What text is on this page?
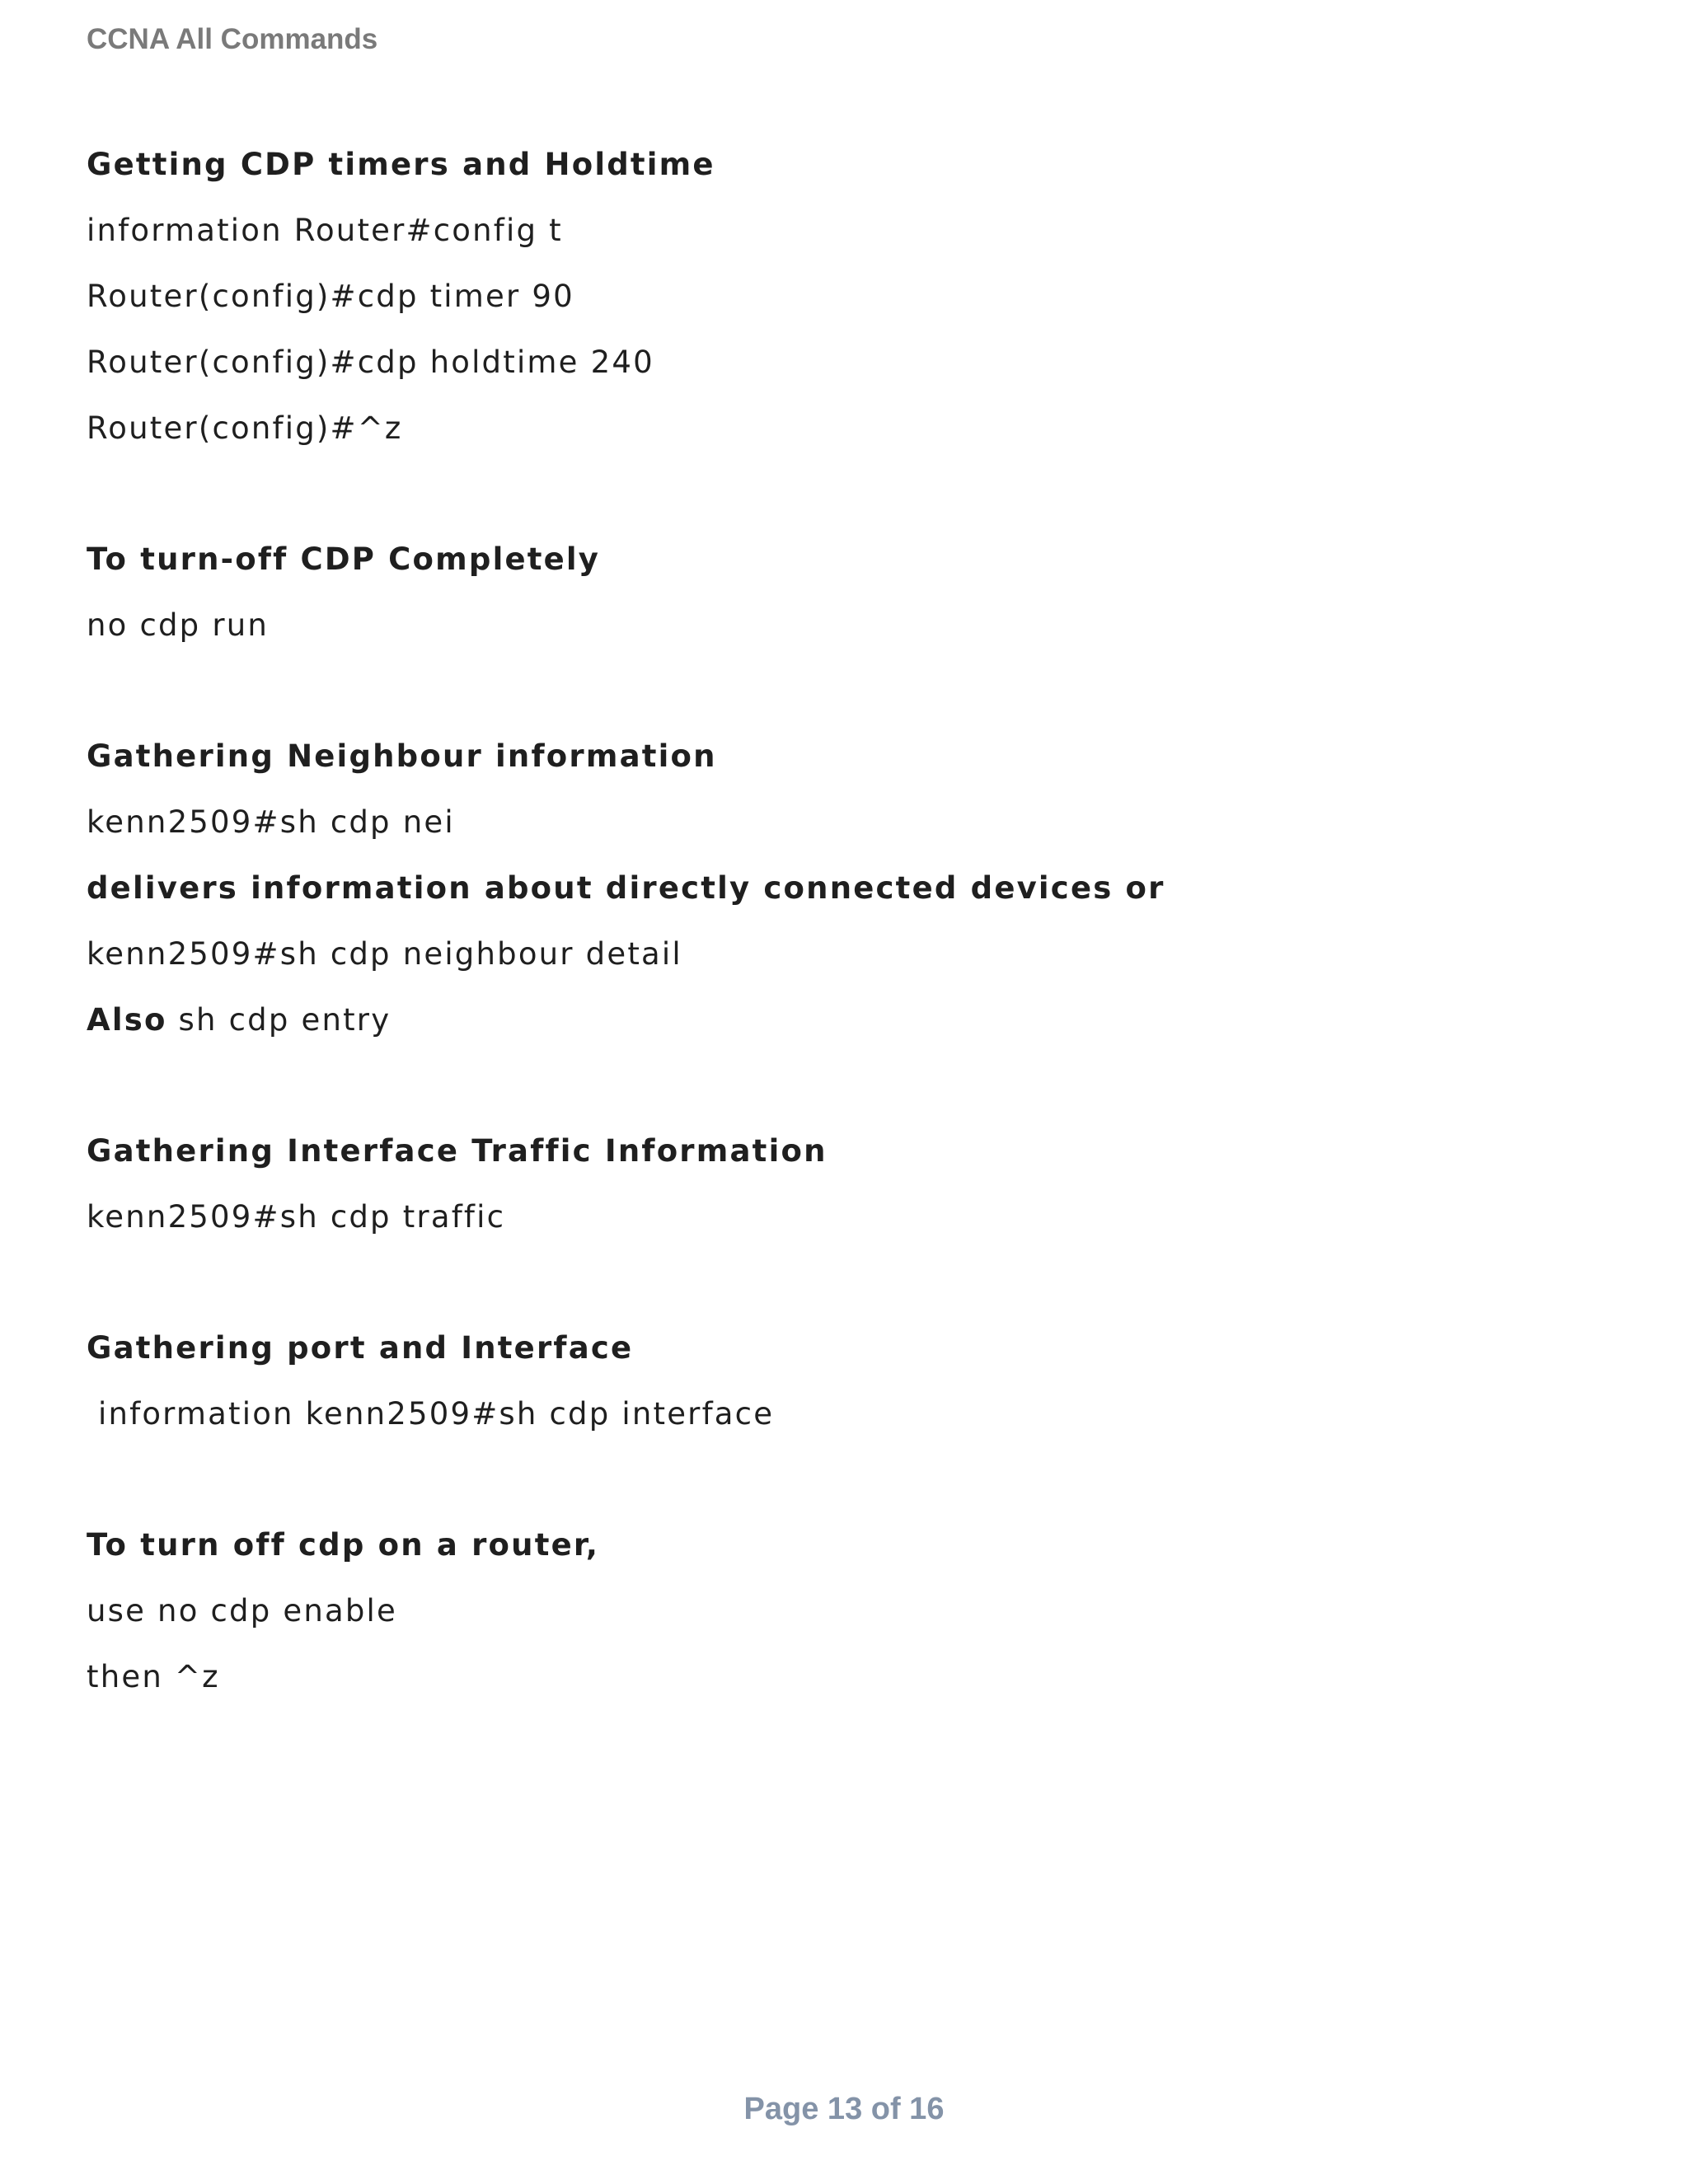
CCNA All Commands
Getting CDP timers and Holdtime
information Router#config t
Router(config)#cdp timer 90
Router(config)#cdp holdtime 240
Router(config)#^z
To turn-off CDP Completely
no cdp run
Gathering Neighbour information
kenn2509#sh cdp nei
delivers information about directly connected devices or
kenn2509#sh cdp neighbour detail
Also sh cdp entry
Gathering Interface Traffic Information
kenn2509#sh cdp traffic
Gathering port and Interface
information kenn2509#sh cdp interface
To turn off cdp on a router,
use no cdp enable
then ^z
Page 13 of 16
